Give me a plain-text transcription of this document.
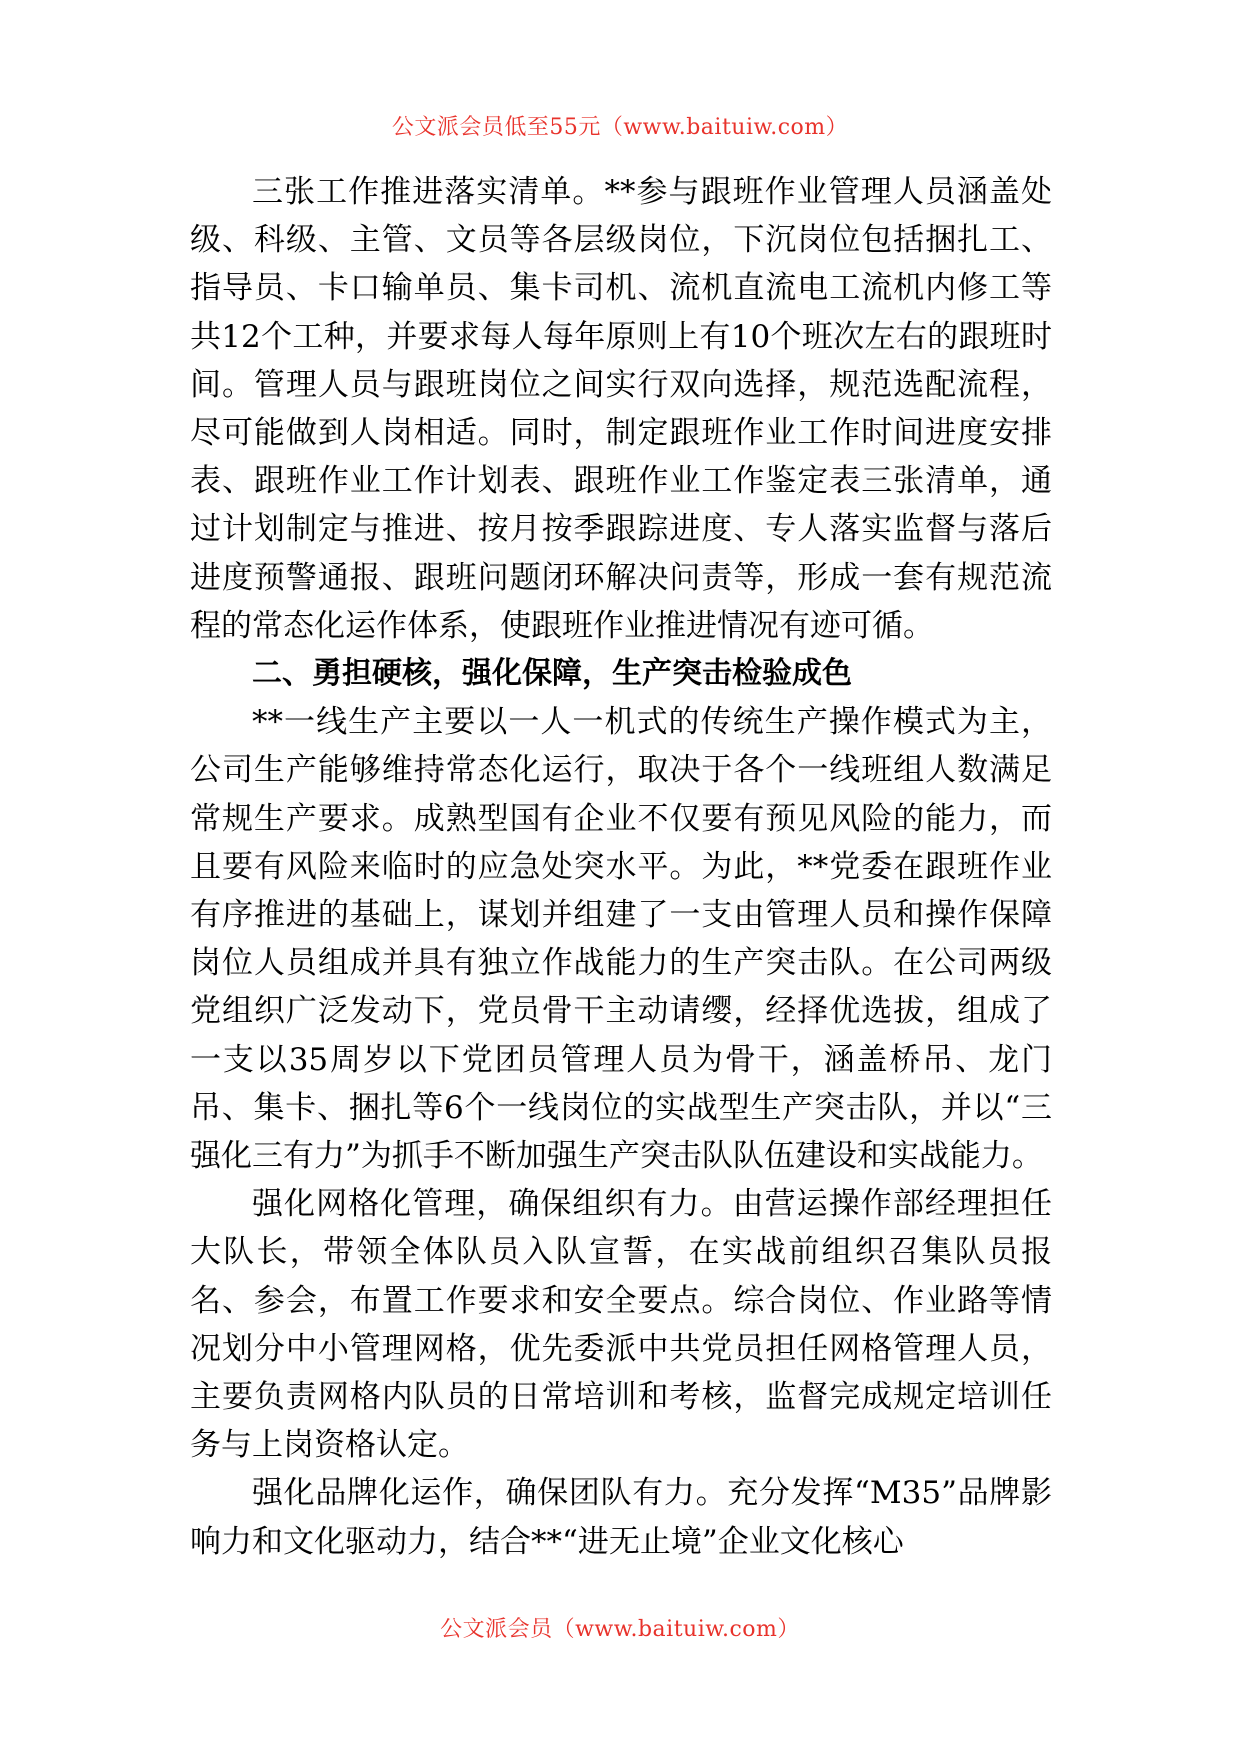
公文派会员低至55元（www.baituiw.com）

三张工作推进落实清单。**参与跟班作业管理人员涵盖处级、科级、主管、文员等各层级岗位，下沉岗位包括捆扎工、指导员、卡口输单员、集卡司机、流机直流电工流机内修工等共12个工种，并要求每人每年原则上有10个班次左右的跟班时间。管理人员与跟班岗位之间实行双向选择，规范选配流程，尽可能做到人岗相适。同时，制定跟班作业工作时间进度安排表、跟班作业工作计划表、跟班作业工作鉴定表三张清单，通过计划制定与推进、按月按季跟踪进度、专人落实监督与落后进度预警通报、跟班问题闭环解决问责等，形成一套有规范流程的常态化运作体系，使跟班作业推进情况有迹可循。

二、勇担硬核，强化保障，生产突击检验成色

**一线生产主要以一人一机式的传统生产操作模式为主，公司生产能够维持常态化运行，取决于各个一线班组人数满足常规生产要求。成熟型国有企业不仅要有预见风险的能力，而且要有风险来临时的应急处突水平。为此，**党委在跟班作业有序推进的基础上，谋划并组建了一支由管理人员和操作保障岗位人员组成并具有独立作战能力的生产突击队。在公司两级党组织广泛发动下，党员骨干主动请缨，经择优选拔，组成了一支以35周岁以下党团员管理人员为骨干，涵盖桥吊、龙门吊、集卡、捆扎等6个一线岗位的实战型生产突击队，并以“三强化三有力”为抓手不断加强生产突击队队伍建设和实战能力。

强化网格化管理，确保组织有力。由营运操作部经理担任大队长，带领全体队员入队宣誓，在实战前组织召集队员报名、参会，布置工作要求和安全要点。综合岗位、作业路等情况划分中小管理网格，优先委派中共党员担任网格管理人员，主要负责网格内队员的日常培训和考核，监督完成规定培训任务与上岗资格认定。

强化品牌化运作，确保团队有力。充分发挥“M35”品牌影响力和文化驱动力，结合**“进无止境”企业文化核心

公文派会员（www.baituiw.com）
